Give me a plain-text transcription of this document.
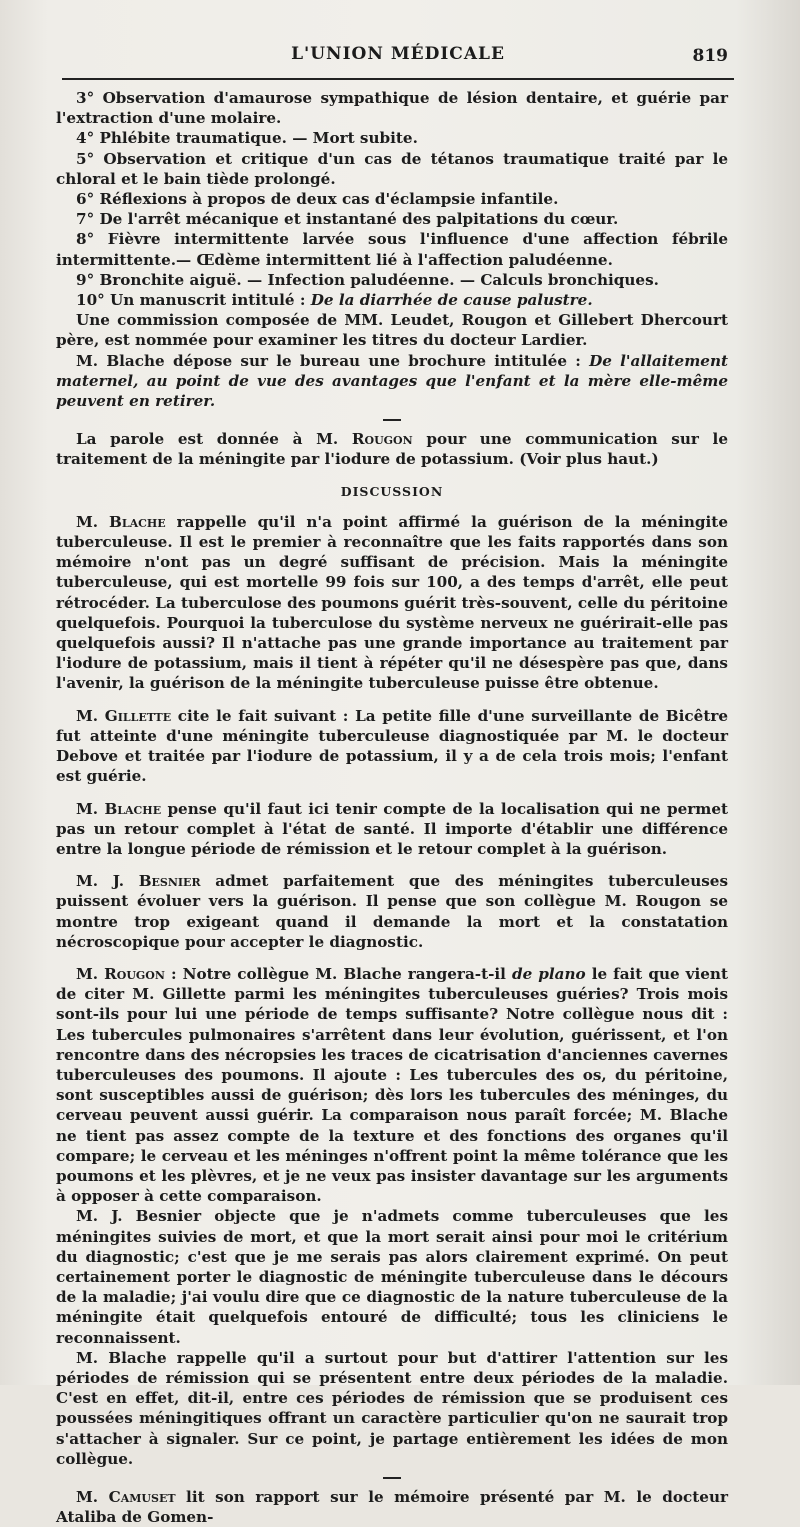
L'UNION MÉDICALE	819

3° Observation d'amaurose sympathique de lésion dentaire, et guérie par l'extraction d'une molaire.

4° Phlébite traumatique. — Mort subite.

5° Observation et critique d'un cas de tétanos traumatique traité par le chloral et le bain tiède prolongé.

6° Réflexions à propos de deux cas d'éclampsie infantile.

7° De l'arrêt mécanique et instantané des palpitations du cœur.

8° Fièvre intermittente larvée sous l'influence d'une affection fébrile intermittente.— Œdème intermittent lié à l'affection paludéenne.

9° Bronchite aiguë. — Infection paludéenne. — Calculs bronchiques.

10° Un manuscrit intitulé : De la diarrhée de cause palustre.

Une commission composée de MM. Leudet, Rougon et Gillebert Dhercourt père, est nommée pour examiner les titres du docteur Lardier.

M. Blache dépose sur le bureau une brochure intitulée : De l'allaitement maternel, au point de vue des avantages que l'enfant et la mère elle-même peuvent en retirer.

La parole est donnée à M. Rougon pour une communication sur le traitement de la méningite par l'iodure de potassium. (Voir plus haut.)

DISCUSSION

M. Blache rappelle qu'il n'a point affirmé la guérison de la méningite tuberculeuse. Il est le premier à reconnaître que les faits rapportés dans son mémoire n'ont pas un degré suffisant de précision. Mais la méningite tuberculeuse, qui est mortelle 99 fois sur 100, a des temps d'arrêt, elle peut rétrocéder. La tuberculose des poumons guérit très-souvent, celle du péritoine quelquefois. Pourquoi la tuberculose du système nerveux ne guérirait-elle pas quelquefois aussi? Il n'attache pas une grande importance au traitement par l'iodure de potassium, mais il tient à répéter qu'il ne désespère pas que, dans l'avenir, la guérison de la méningite tuberculeuse puisse être obtenue.

M. Gillette cite le fait suivant : La petite fille d'une surveillante de Bicêtre fut atteinte d'une méningite tuberculeuse diagnostiquée par M. le docteur Debove et traitée par l'iodure de potassium, il y a de cela trois mois; l'enfant est guérie.

M. Blache pense qu'il faut ici tenir compte de la localisation qui ne permet pas un retour complet à l'état de santé. Il importe d'établir une différence entre la longue période de rémission et le retour complet à la guérison.

M. J. Besnier admet parfaitement que des méningites tuberculeuses puissent évoluer vers la guérison. Il pense que son collègue M. Rougon se montre trop exigeant quand il demande la mort et la constatation nécroscopique pour accepter le diagnostic.

M. Rougon : Notre collègue M. Blache rangera-t-il de plano le fait que vient de citer M. Gillette parmi les méningites tuberculeuses guéries? Trois mois sont-ils pour lui une période de temps suffisante? Notre collègue nous dit : Les tubercules pulmonaires s'arrêtent dans leur évolution, guérissent, et l'on rencontre dans des nécropsies les traces de cicatrisation d'anciennes cavernes tuberculeuses des poumons. Il ajoute : Les tubercules des os, du péritoine, sont susceptibles aussi de guérison; dès lors les tubercules des méninges, du cerveau peuvent aussi guérir. La comparaison nous paraît forcée; M. Blache ne tient pas assez compte de la texture et des fonctions des organes qu'il compare; le cerveau et les méninges n'offrent point la même tolérance que les poumons et les plèvres, et je ne veux pas insister davantage sur les arguments à opposer à cette comparaison.

M. J. Besnier objecte que je n'admets comme tuberculeuses que les méningites suivies de mort, et que la mort serait ainsi pour moi le critérium du diagnostic; c'est que je me serais pas alors clairement exprimé. On peut certainement porter le diagnostic de méningite tuberculeuse dans le décours de la maladie; j'ai voulu dire que ce diagnostic de la nature tuberculeuse de la méningite était quelquefois entouré de difficulté; tous les cliniciens le reconnaissent.

M. Blache rappelle qu'il a surtout pour but d'attirer l'attention sur les périodes de rémission qui se présentent entre deux périodes de la maladie. C'est en effet, dit-il, entre ces périodes de rémission que se produisent ces poussées méningitiques offrant un caractère particulier qu'on ne saurait trop s'attacher à signaler. Sur ce point, je partage entièrement les idées de mon collègue.

M. Camuset lit son rapport sur le mémoire présenté par M. le docteur Ataliba de Gomen-
